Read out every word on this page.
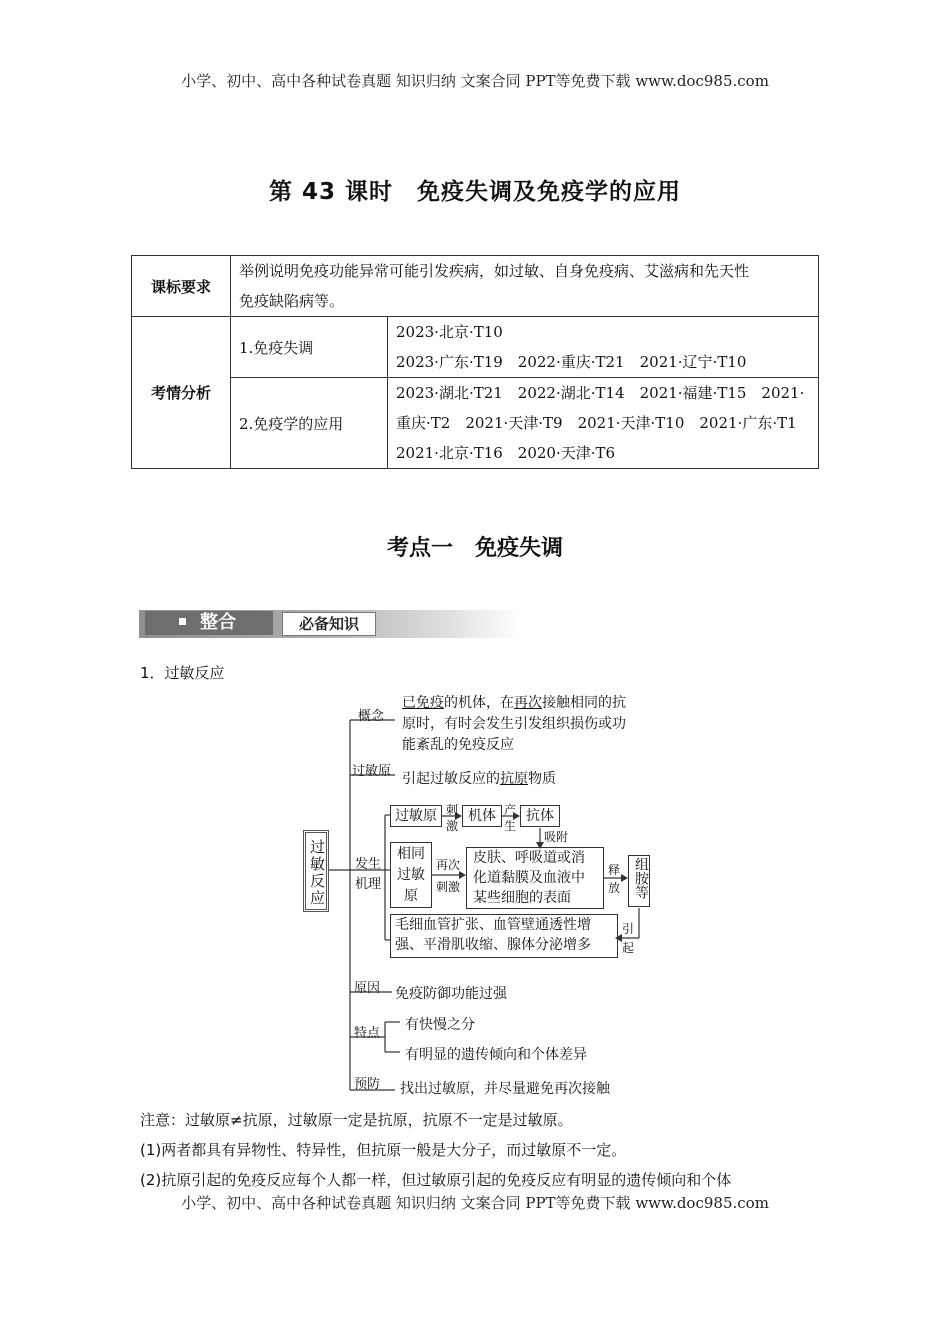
小学、初中、高中各种试卷真题 知识归纳 文案合同 PPT等免费下载 www.doc985.com
第 43 课时　免疫失调及免疫学的应用
课标要求	举例说明免疫功能异常可能引发疾病，如过敏、自身免疫病、艾滋病和先天性
免疫缺陷病等。	

考情分析	1.免疫失调	2023·北京·T10
2023·广东·T19　2022·重庆·T21　2021·辽宁·T10

	2.免疫学的应用	2023·湖北·T21　2022·湖北·T14　2021·福建·T15　2021·
重庆·T2　2021·天津·T9　2021·天津·T10　2021·广东·T1
2021·北京·T16　2020·天津·T6
考点一　免疫失调
整合	必备知识
1．过敏反应
过敏反应
概念
已免疫的机体，在再次接触相同的抗
原时，有时会发生引发组织损伤或功
能紊乱的免疫反应
过敏原 引起过敏反应的抗原物质
发生
机理
过敏原 刺
激
机体 产
生
抗体
吸附
相同
过敏
原
再次
刺激
皮肤、呼吸道或消
化道黏膜及血液中
某些细胞的表面
释
放 组胺等
毛细血管扩张、血管壁通透性增
强、平滑肌收缩、腺体分泌增多
引
起
原因 免疫防御功能过强
特点
有快慢之分
有明显的遗传倾向和个体差异
预防 找出过敏原，并尽量避免再次接触
注意：过敏原≠抗原，过敏原一定是抗原，抗原不一定是过敏原。
(1)两者都具有异物性、特异性，但抗原一般是大分子，而过敏原不一定。
(2)抗原引起的免疫反应每个人都一样，但过敏原引起的免疫反应有明显的遗传倾向和个体
小学、初中、高中各种试卷真题 知识归纳 文案合同 PPT等免费下载 www.doc985.com
